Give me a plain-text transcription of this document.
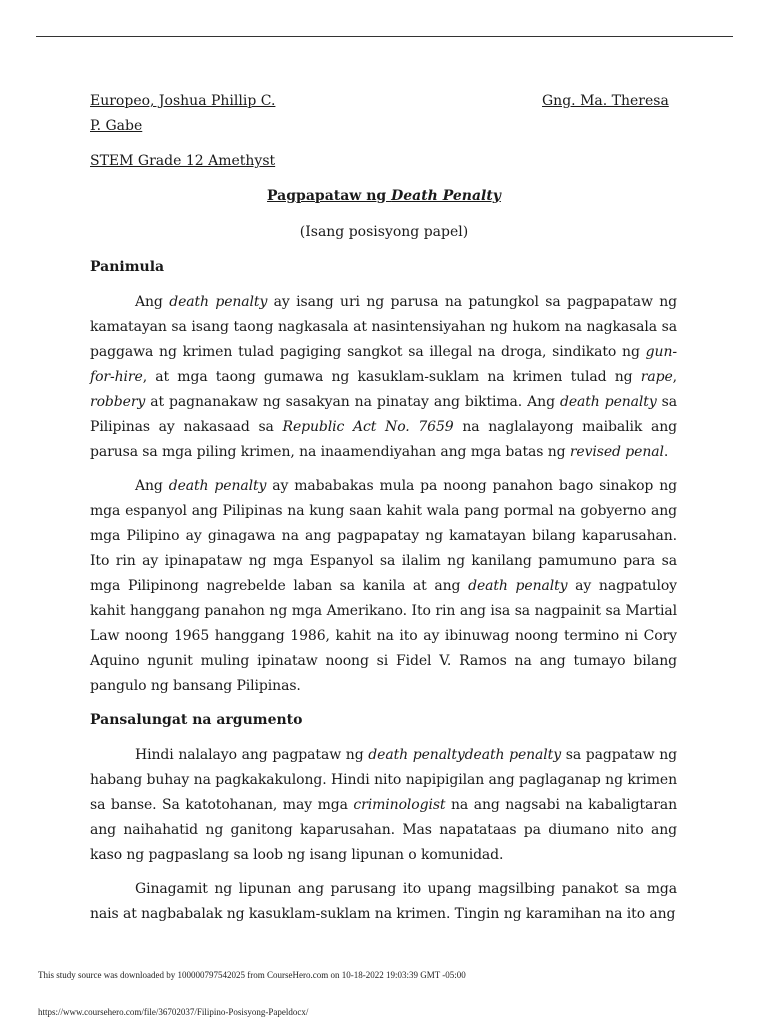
Europeo, Joshua Phillip C.	Gng. Ma. Theresa
P. Gabe
STEM Grade 12 Amethyst
Pagpapataw ng Death Penalty
(Isang posisyong papel)
Panimula

Ang death penalty ay isang uri ng parusa na patungkol sa pagpapataw ng kamatayan sa isang taong nagkasala at nasintensiyahan ng hukom na nagkasala sa paggawa ng krimen tulad pagiging sangkot sa illegal na droga, sindikato ng gun-for-hire, at mga taong gumawa ng kasuklam-suklam na krimen tulad ng rape, robbery at pagnanakaw ng sasakyan na pinatay ang biktima. Ang death penalty sa Pilipinas ay nakasaad sa Republic Act No. 7659 na naglalayong maibalik ang parusa sa mga piling krimen, na inaamendiyahan ang mga batas ng revised penal.

Ang death penalty ay mababakas mula pa noong panahon bago sinakop ng mga espanyol ang Pilipinas na kung saan kahit wala pang pormal na gobyerno ang mga Pilipino ay ginagawa na ang pagpapatay ng kamatayan bilang kaparusahan. Ito rin ay ipinapataw ng mga Espanyol sa ilalim ng kanilang pamumuno para sa mga Pilipinong nagrebelde laban sa kanila at ang death penalty ay nagpatuloy kahit hanggang panahon ng mga Amerikano. Ito rin ang isa sa nagpainit sa Martial Law noong 1965 hanggang 1986, kahit na ito ay ibinuwag noong termino ni Cory Aquino ngunit muling ipinataw noong si Fidel V. Ramos na ang tumayo bilang pangulo ng bansang Pilipinas.

Pansalungat na argumento

Hindi nalalayo ang pagpataw ng death penaltydeath penalty sa pagpataw ng habang buhay na pagkakakulong. Hindi nito napipigilan ang paglaganap ng krimen sa banse. Sa katotohanan, may mga criminologist na ang nagsabi na kabaligtaran ang naihahatid ng ganitong kaparusahan. Mas napatataas pa diumano nito ang kaso ng pagpaslang sa loob ng isang lipunan o komunidad.

Ginagamit ng lipunan ang parusang ito upang magsilbing panakot sa mga nais at nagbabalak ng kasuklam-suklam na krimen. Tingin ng karamihan na ito ang

This study source was downloaded by 100000797542025 from CourseHero.com on 10-18-2022 19:03:39 GMT -05:00
https://www.coursehero.com/file/36702037/Filipino-Posisyong-Papeldocx/
